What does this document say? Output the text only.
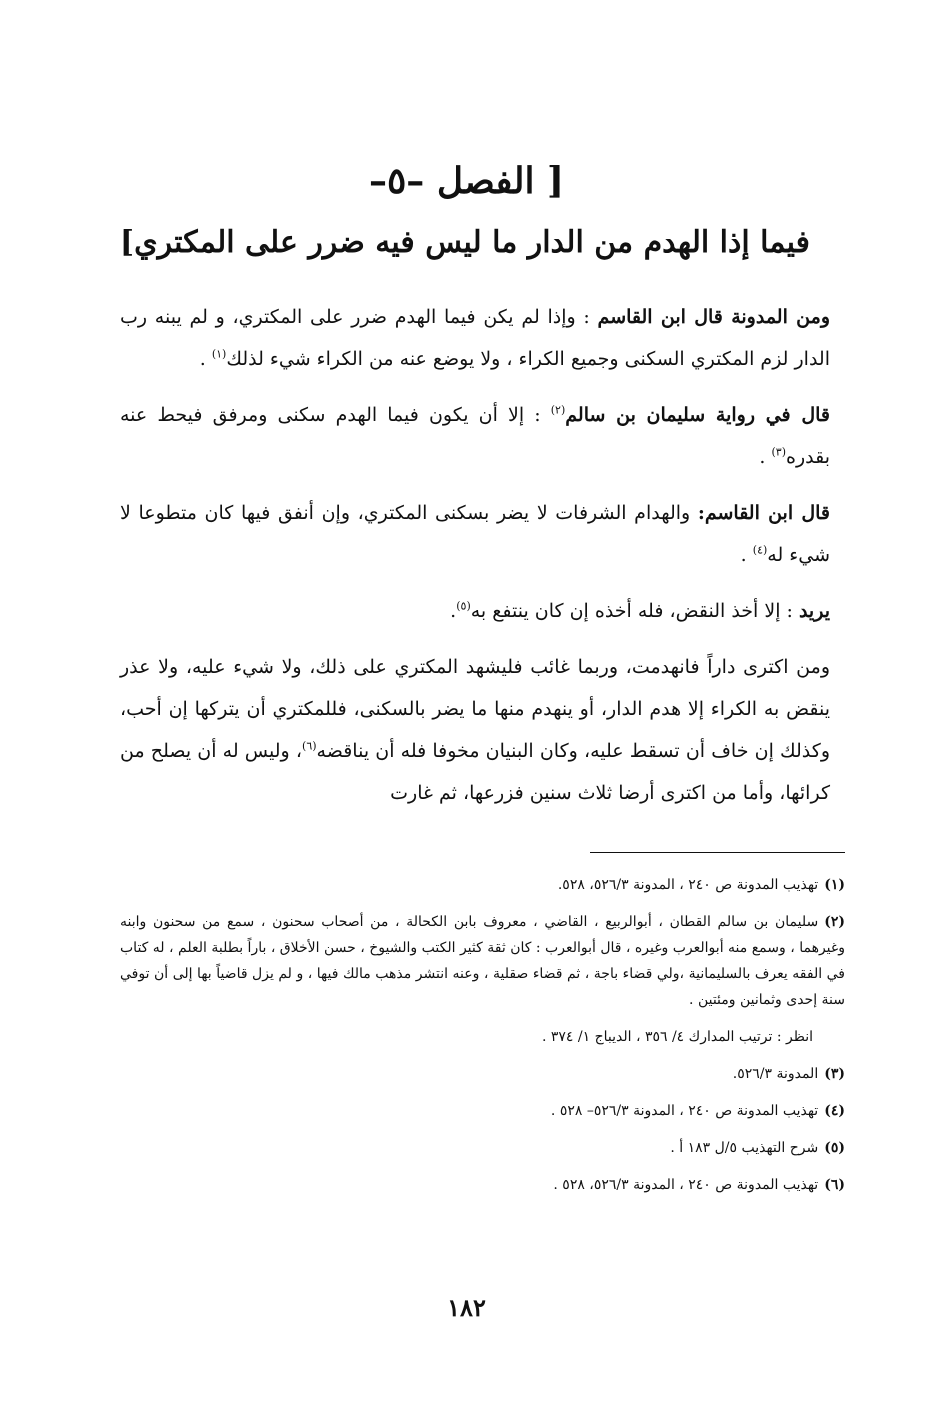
[ الفصل –٥–
فيما إذا الهدم من الدار ما ليس فيه ضرر على المكتري]

ومن المدونة قال ابن القاسم : وإذا لم يكن فيما الهدم ضرر على المكتري، و لم يبنه رب الدار لزم المكتري السكنى وجميع الكراء ، ولا يوضع عنه من الكراء شيء لذلك$^{(١)}$ .

قال في رواية سليمان بن سالم$^{(٢)}$ : إلا أن يكون فيما الهدم سكنى ومرفق فيحط عنه بقدره$^{(٣)}$ .

قال ابن القاسم: والهدام الشرفات لا يضر بسكنى المكتري، وإن أنفق فيها كان متطوعا لا شيء له$^{(٤)}$ .

يريد : إلا أخذ النقض، فله أخذه إن كان ينتفع به$^{(٥)}$.

ومن اكترى داراً فانهدمت، وربما غائب فليشهد المكتري على ذلك، ولا شيء عليه، ولا عذر ينقض به الكراء إلا هدم الدار، أو ينهدم منها ما يضر بالسكنى، فللمكتري أن يتركها إن أحب، وكذلك إن خاف أن تسقط عليه، وكان البنيان مخوفا فله أن يناقضه$^{(٦)}$، وليس له أن يصلح من كرائها، وأما من اكترى أرضا ثلاث سنين فزرعها، ثم غارت

(١)تهذيب المدونة ص ٢٤٠ ، المدونة ٥٢٦/٣، ٥٢٨.

(٢)سليمان بن سالم القطان ، أبوالربيع ، القاضي ، معروف بابن الكحالة ، من أصحاب سحنون ، سمع من سحنون وابنه وغيرهما ، وسمع منه أبوالعرب وغيره ، قال أبوالعرب : كان ثقة كثير الكتب والشيوخ ، حسن الأخلاق ، باراً بطلبة العلم ، له كتاب في الفقه يعرف بالسليمانية ،ولي قضاء باجة ، ثم قضاء صقلية ، وعنه انتشر مذهب مالك فيها ، و لم يزل قاضياً بها إلى أن توفي سنة إحدى وثمانين ومئتين .

انظر : ترتيب المدارك ٤/ ٣٥٦ ، الديباج ١/ ٣٧٤ .

(٣)المدونة ٥٢٦/٣.

(٤)تهذيب المدونة ص ٢٤٠ ، المدونة ٥٢٦/٣– ٥٢٨ .

(٥)شرح التهذيب ٥/ل ١٨٣ أ .

(٦)تهذيب المدونة ص ٢٤٠ ، المدونة ٥٢٦/٣، ٥٢٨ .

١٨٢
